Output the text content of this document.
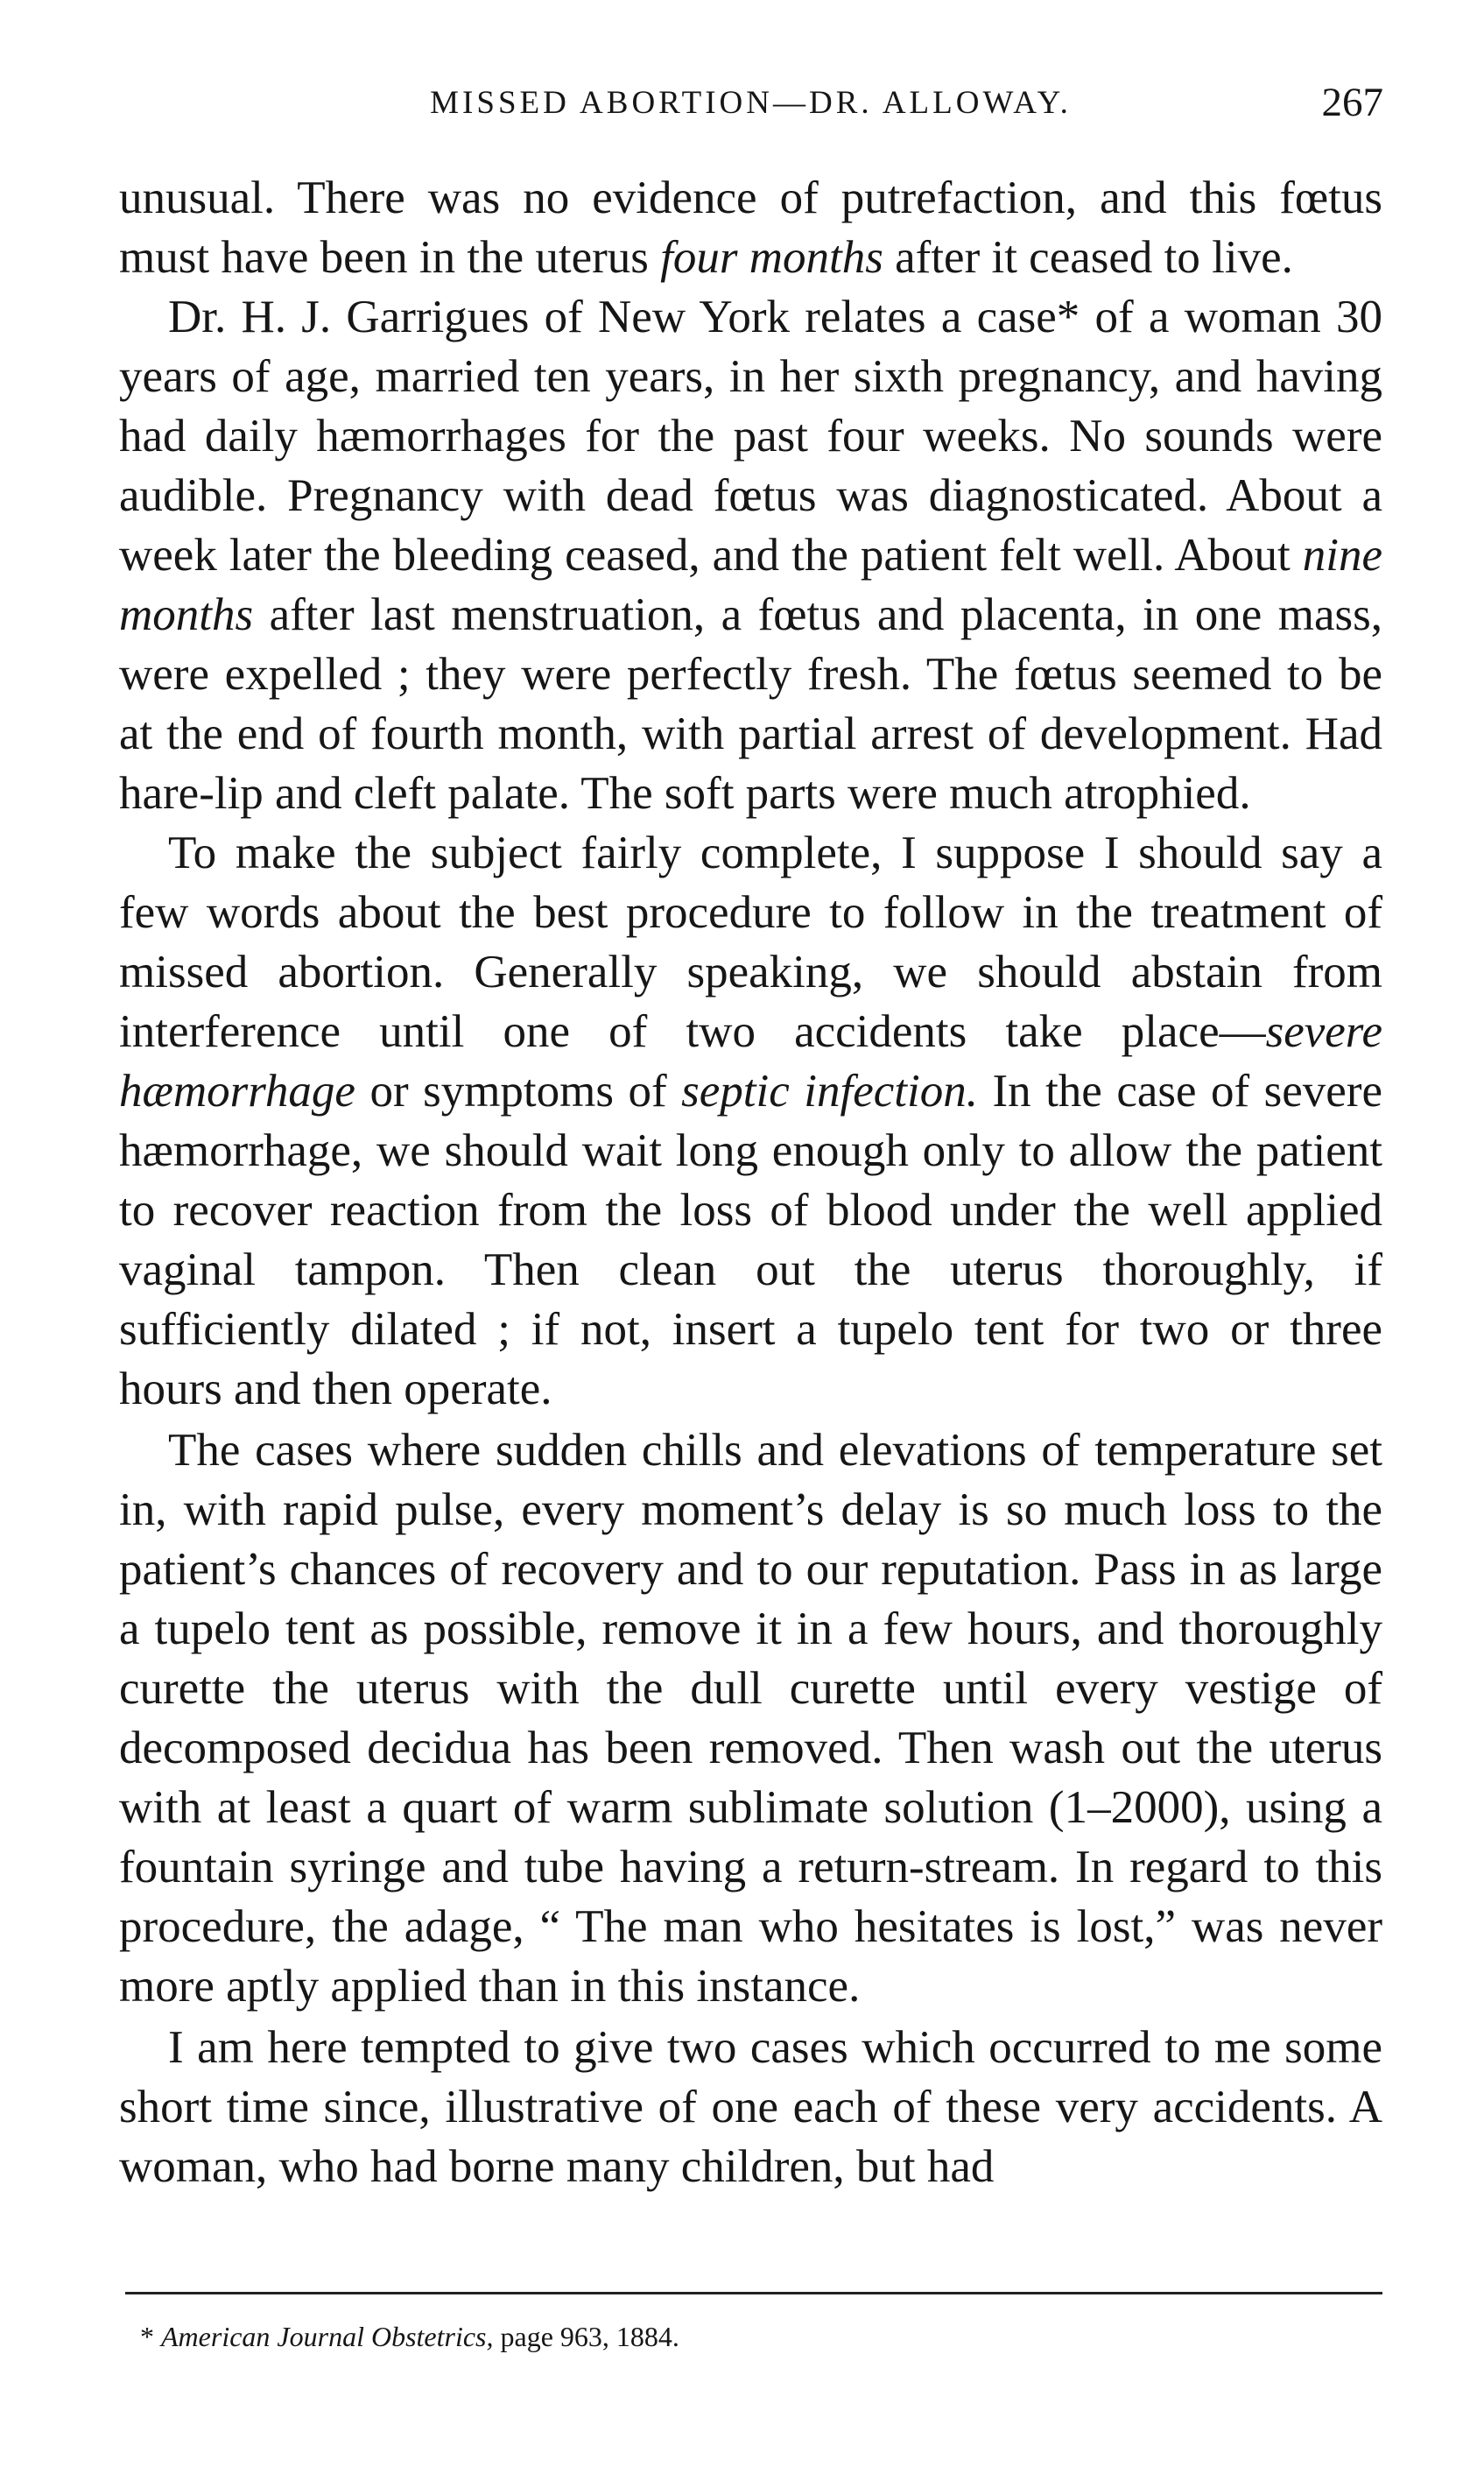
MISSED ABORTION—DR. ALLOWAY.	267

unusual. There was no evidence of putrefaction, and this fœtus must have been in the uterus four months after it ceased to live.

Dr. H. J. Garrigues of New York relates a case* of a woman 30 years of age, married ten years, in her sixth pregnancy, and having had daily hæmorrhages for the past four weeks. No sounds were audible. Pregnancy with dead fœtus was diagnosticated. About a week later the bleeding ceased, and the patient felt well. About nine months after last menstruation, a fœtus and placenta, in one mass, were expelled ; they were perfectly fresh. The fœtus seemed to be at the end of fourth month, with partial arrest of development. Had hare-lip and cleft palate. The soft parts were much atrophied.

To make the subject fairly complete, I suppose I should say a few words about the best procedure to follow in the treatment of missed abortion. Generally speaking, we should abstain from interference until one of two accidents take place—severe hæmorrhage or symptoms of septic infection. In the case of severe hæmorrhage, we should wait long enough only to allow the patient to recover reaction from the loss of blood under the well applied vaginal tampon. Then clean out the uterus thoroughly, if sufficiently dilated ; if not, insert a tupelo tent for two or three hours and then operate.

The cases where sudden chills and elevations of temperature set in, with rapid pulse, every moment’s delay is so much loss to the patient’s chances of recovery and to our reputation. Pass in as large a tupelo tent as possible, remove it in a few hours, and thoroughly curette the uterus with the dull curette until every vestige of decomposed decidua has been removed. Then wash out the uterus with at least a quart of warm sublimate solution (1–2000), using a fountain syringe and tube having a return-stream. In regard to this procedure, the adage, “ The man who hesitates is lost,” was never more aptly applied than in this instance.

I am here tempted to give two cases which occurred to me some short time since, illustrative of one each of these very accidents. A woman, who had borne many children, but had

* American Journal Obstetrics, page 963, 1884.
